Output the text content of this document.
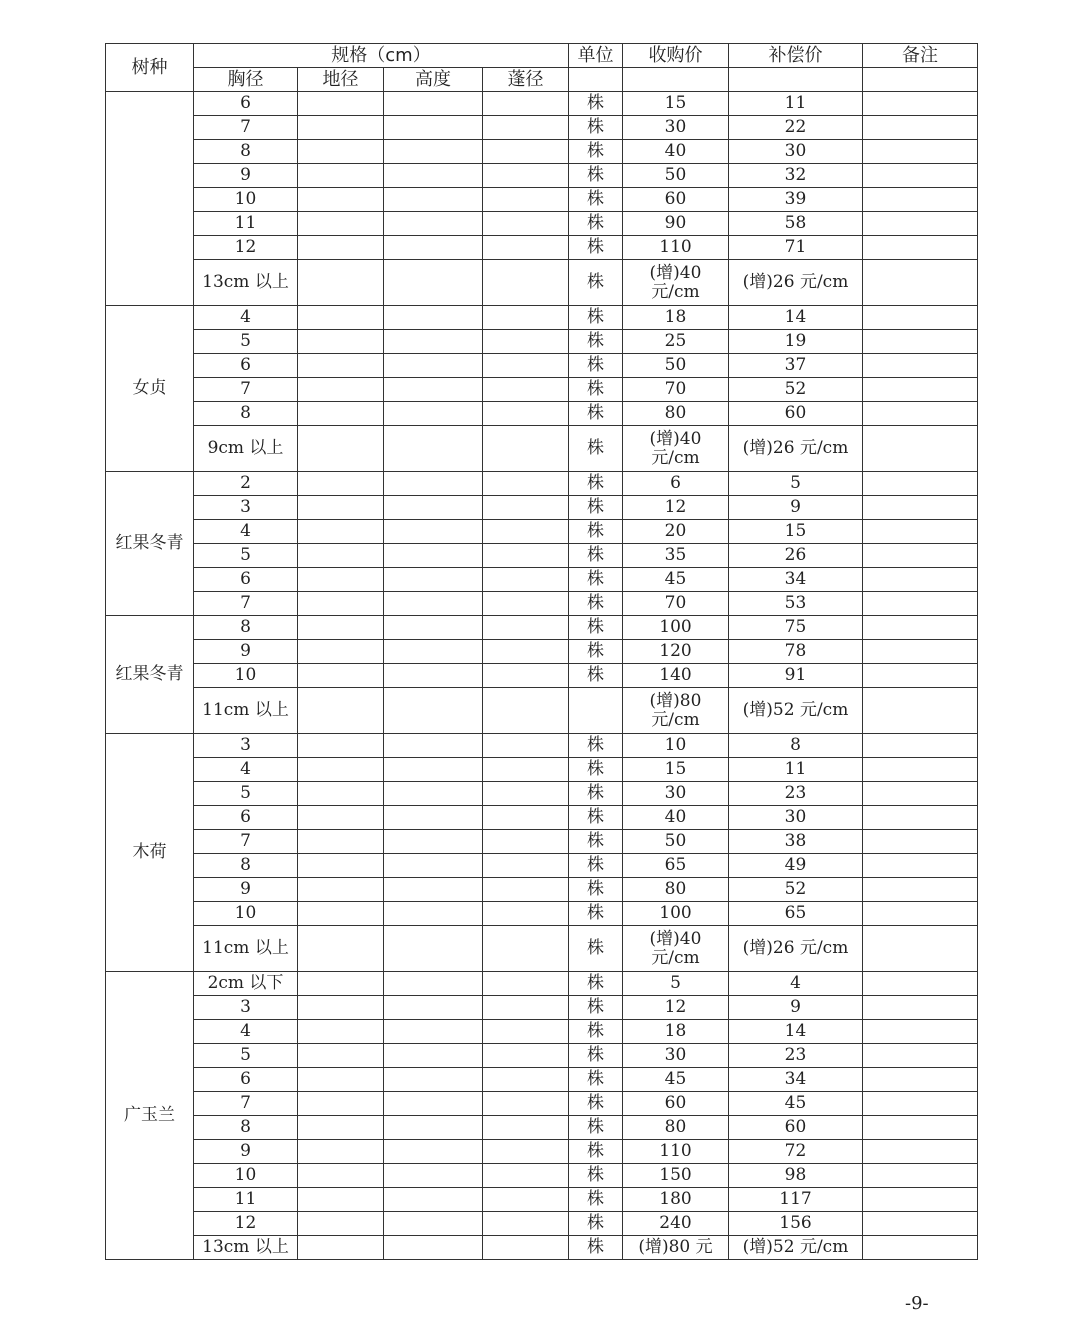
树种	规格（cm）				单位	收购价	补偿价	备注
	胸径	地径	高度	蓬径				
	6				株	15	11	
	7				株	30	22	
	8				株	40	30	
	9				株	50	32	
	10				株	60	39	
	11				株	90	58	
	12				株	110	71	
	13cm 以上				株	(增)40 元/cm	(增)26 元/cm	
女贞	4				株	18	14	
	5				株	25	19	
	6				株	50	37	
	7				株	70	52	
	8				株	80	60	
	9cm 以上				株	(增)40 元/cm	(增)26 元/cm	
红果冬青	2				株	6	5	
	3				株	12	9	
	4				株	20	15	
	5				株	35	26	
	6				株	45	34	
	7				株	70	53	
红果冬青	8				株	100	75	
	9				株	120	78	
	10				株	140	91	
	11cm 以上					(增)80 元/cm	(增)52 元/cm	
木荷	3				株	10	8	
	4				株	15	11	
	5				株	30	23	
	6				株	40	30	
	7				株	50	38	
	8				株	65	49	
	9				株	80	52	
	10				株	100	65	
	11cm 以上				株	(增)40 元/cm	(增)26 元/cm	
广玉兰	2cm 以下				株	5	4	
	3				株	12	9	
	4				株	18	14	
	5				株	30	23	
	6				株	45	34	
	7				株	60	45	
	8				株	80	60	
	9				株	110	72	
	10				株	150	98	
	11				株	180	117	
	12				株	240	156	
	13cm 以上				株	(增)80 元	(增)52 元/cm	
-9-
